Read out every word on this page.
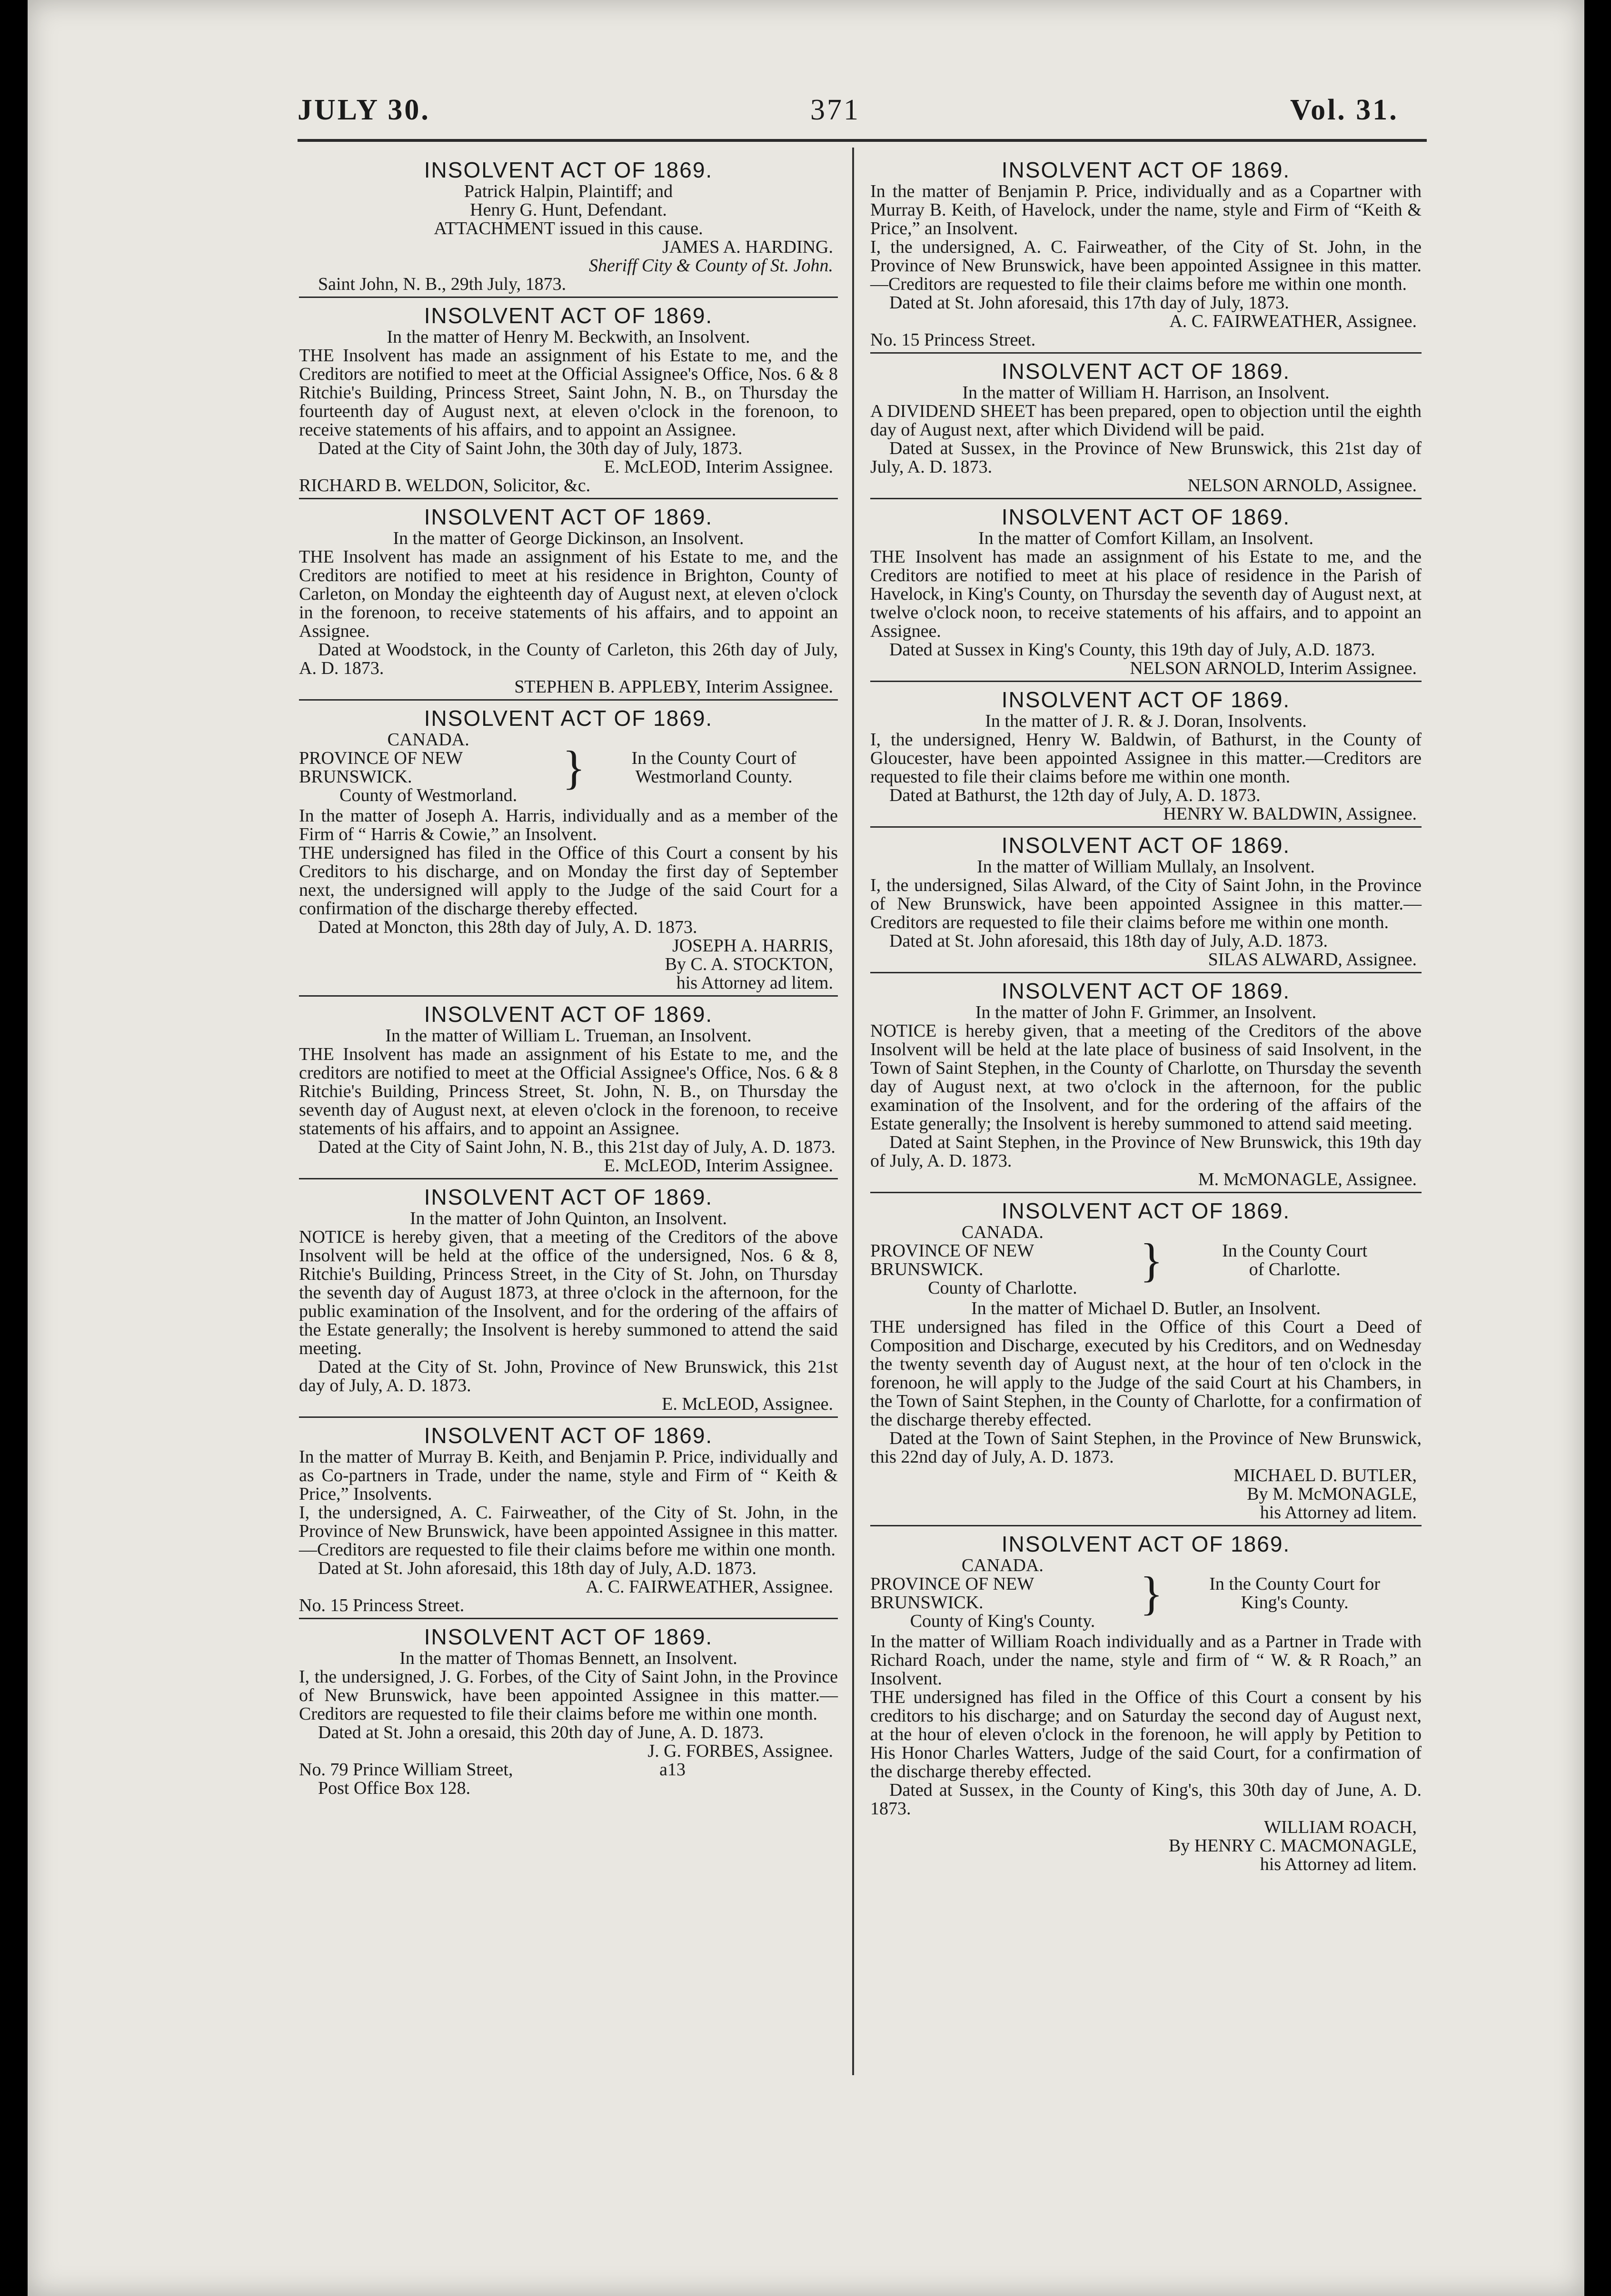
JULY 30.	371	Vol. 31.
INSOLVENT ACT OF 1869.

Patrick Halpin, Plaintiff; and

Henry G. Hunt, Defendant.

ATTACHMENT issued in this cause.

JAMES A. HARDING.

Sheriff City & County of St. John.

Saint John, N. B., 29th July, 1873.

INSOLVENT ACT OF 1869.

In the matter of Henry M. Beckwith, an Insolvent.

THE Insolvent has made an assignment of his Estate to me, and the Creditors are notified to meet at the Official Assignee's Office, Nos. 6 & 8 Ritchie's Building, Princess Street, Saint John, N. B., on Thursday the fourteenth day of August next, at eleven o'clock in the forenoon, to receive statements of his affairs, and to appoint an Assignee.

Dated at the City of Saint John, the 30th day of July, 1873.

E. McLEOD, Interim Assignee.

RICHARD B. WELDON, Solicitor, &c.

INSOLVENT ACT OF 1869.

In the matter of George Dickinson, an Insolvent.

THE Insolvent has made an assignment of his Estate to me, and the Creditors are notified to meet at his residence in Brighton, County of Carleton, on Monday the eighteenth day of August next, at eleven o'clock in the forenoon, to receive statements of his affairs, and to appoint an Assignee.

Dated at Woodstock, in the County of Carleton, this 26th day of July, A. D. 1873.

STEPHEN B. APPLEBY, Interim Assignee.

INSOLVENT ACT OF 1869.
CANADA.
PROVINCE OF NEW BRUNSWICK.
County of Westmorland.
}	In the County Court of
Westmorland County.

In the matter of Joseph A. Harris, individually and as a member of the Firm of “ Harris & Cowie,” an Insolvent.

THE undersigned has filed in the Office of this Court a consent by his Creditors to his discharge, and on Monday the first day of September next, the undersigned will apply to the Judge of the said Court for a confirmation of the discharge thereby effected.

Dated at Moncton, this 28th day of July, A. D. 1873.

JOSEPH A. HARRIS,

By C. A. STOCKTON,

his Attorney ad litem.

INSOLVENT ACT OF 1869.

In the matter of William L. Trueman, an Insolvent.

THE Insolvent has made an assignment of his Estate to me, and the creditors are notified to meet at the Official Assignee's Office, Nos. 6 & 8 Ritchie's Building, Princess Street, St. John, N. B., on Thursday the seventh day of August next, at eleven o'clock in the forenoon, to receive statements of his affairs, and to appoint an Assignee.

Dated at the City of Saint John, N. B., this 21st day of July, A. D. 1873.

E. McLEOD, Interim Assignee.

INSOLVENT ACT OF 1869.

In the matter of John Quinton, an Insolvent.

NOTICE is hereby given, that a meeting of the Creditors of the above Insolvent will be held at the office of the undersigned, Nos. 6 & 8, Ritchie's Building, Princess Street, in the City of St. John, on Thursday the seventh day of August 1873, at three o'clock in the afternoon, for the public examination of the Insolvent, and for the ordering of the affairs of the Estate generally; the Insolvent is hereby summoned to attend the said meeting.

Dated at the City of St. John, Province of New Brunswick, this 21st day of July, A. D. 1873.

E. McLEOD, Assignee.

INSOLVENT ACT OF 1869.

In the matter of Murray B. Keith, and Benjamin P. Price, individually and as Co-partners in Trade, under the name, style and Firm of “ Keith & Price,” Insolvents.

I, the undersigned, A. C. Fairweather, of the City of St. John, in the Province of New Brunswick, have been appointed Assignee in this matter.—Creditors are requested to file their claims before me within one month.

Dated at St. John aforesaid, this 18th day of July, A.D. 1873.

A. C. FAIRWEATHER, Assignee.

No. 15 Princess Street.

INSOLVENT ACT OF 1869.

In the matter of Thomas Bennett, an Insolvent.

I, the undersigned, J. G. Forbes, of the City of Saint John, in the Province of New Brunswick, have been appointed Assignee in this matter.—Creditors are requested to file their claims before me within one month.

Dated at St. John a oresaid, this 20th day of June, A. D. 1873.

J. G. FORBES, Assignee.

No. 79 Prince William Street,	a13

Post Office Box 128.

INSOLVENT ACT OF 1869.

In the matter of Benjamin P. Price, individually and as a Copartner with Murray B. Keith, of Havelock, under the name, style and Firm of “Keith & Price,” an Insolvent.

I, the undersigned, A. C. Fairweather, of the City of St. John, in the Province of New Brunswick, have been appointed Assignee in this matter.—Creditors are requested to file their claims before me within one month.

Dated at St. John aforesaid, this 17th day of July, 1873.

A. C. FAIRWEATHER, Assignee.

No. 15 Princess Street.

INSOLVENT ACT OF 1869.

In the matter of William H. Harrison, an Insolvent.

A DIVIDEND SHEET has been prepared, open to objection until the eighth day of August next, after which Dividend will be paid.

Dated at Sussex, in the Province of New Brunswick, this 21st day of July, A. D. 1873.

NELSON ARNOLD, Assignee.

INSOLVENT ACT OF 1869.

In the matter of Comfort Killam, an Insolvent.

THE Insolvent has made an assignment of his Estate to me, and the Creditors are notified to meet at his place of residence in the Parish of Havelock, in King's County, on Thursday the seventh day of August next, at twelve o'clock noon, to receive statements of his affairs, and to appoint an Assignee.

Dated at Sussex in King's County, this 19th day of July, A.D. 1873.

NELSON ARNOLD, Interim Assignee.

INSOLVENT ACT OF 1869.

In the matter of J. R. & J. Doran, Insolvents.

I, the undersigned, Henry W. Baldwin, of Bathurst, in the County of Gloucester, have been appointed Assignee in this matter.—Creditors are requested to file their claims before me within one month.

Dated at Bathurst, the 12th day of July, A. D. 1873.

HENRY W. BALDWIN, Assignee.

INSOLVENT ACT OF 1869.

In the matter of William Mullaly, an Insolvent.

I, the undersigned, Silas Alward, of the City of Saint John, in the Province of New Brunswick, have been appointed Assignee in this matter.—Creditors are requested to file their claims before me within one month.

Dated at St. John aforesaid, this 18th day of July, A.D. 1873.

SILAS ALWARD, Assignee.

INSOLVENT ACT OF 1869.

In the matter of John F. Grimmer, an Insolvent.

NOTICE is hereby given, that a meeting of the Creditors of the above Insolvent will be held at the late place of business of said Insolvent, in the Town of Saint Stephen, in the County of Charlotte, on Thursday the seventh day of August next, at two o'clock in the afternoon, for the public examination of the Insolvent, and for the ordering of the affairs of the Estate generally; the Insolvent is hereby summoned to attend said meeting.

Dated at Saint Stephen, in the Province of New Brunswick, this 19th day of July, A. D. 1873.

M. McMONAGLE, Assignee.

INSOLVENT ACT OF 1869.
CANADA.
PROVINCE OF NEW BRUNSWICK.
County of Charlotte.
}	In the County Court
of Charlotte.

In the matter of Michael D. Butler, an Insolvent.

THE undersigned has filed in the Office of this Court a Deed of Composition and Discharge, executed by his Creditors, and on Wednesday the twenty seventh day of August next, at the hour of ten o'clock in the forenoon, he will apply to the Judge of the said Court at his Chambers, in the Town of Saint Stephen, in the County of Charlotte, for a confirmation of the discharge thereby effected.

Dated at the Town of Saint Stephen, in the Province of New Brunswick, this 22nd day of July, A. D. 1873.

MICHAEL D. BUTLER,

By M. McMONAGLE,

his Attorney ad litem.

INSOLVENT ACT OF 1869.
CANADA.
PROVINCE OF NEW BRUNSWICK.
County of King's County.
}	In the County Court for
King's County.

In the matter of William Roach individually and as a Partner in Trade with Richard Roach, under the name, style and firm of “ W. & R Roach,” an Insolvent.

THE undersigned has filed in the Office of this Court a consent by his creditors to his discharge; and on Saturday the second day of August next, at the hour of eleven o'clock in the forenoon, he will apply by Petition to His Honor Charles Watters, Judge of the said Court, for a confirmation of the discharge thereby effected.

Dated at Sussex, in the County of King's, this 30th day of June, A. D. 1873.

WILLIAM ROACH,

By HENRY C. MACMONAGLE,

his Attorney ad litem.
